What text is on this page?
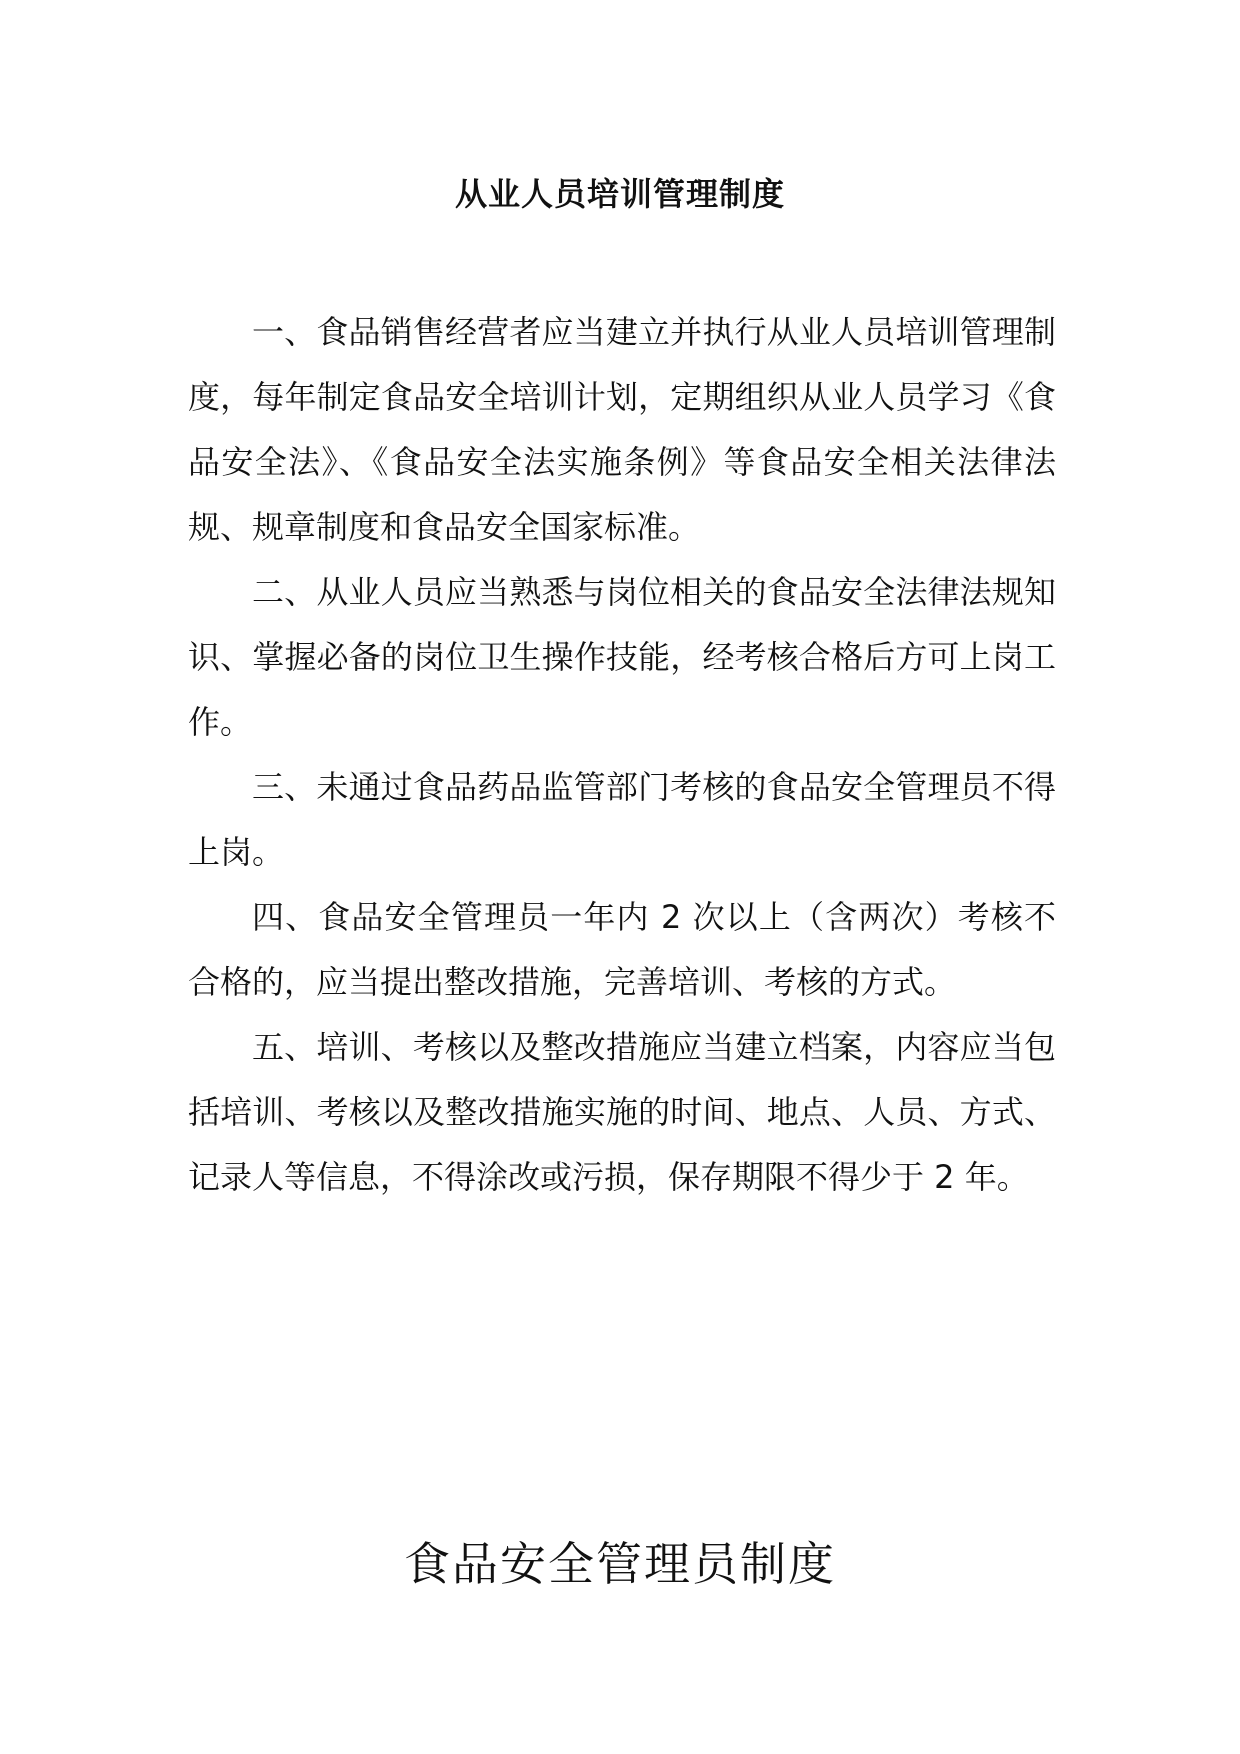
从业人员培训管理制度

一、食品销售经营者应当建立并执行从业人员培训管理制度，每年制定食品安全培训计划，定期组织从业人员学习《食品安全法》、《食品安全法实施条例》等食品安全相关法律法规、规章制度和食品安全国家标准。

二、从业人员应当熟悉与岗位相关的食品安全法律法规知识、掌握必备的岗位卫生操作技能，经考核合格后方可上岗工作。

三、未通过食品药品监管部门考核的食品安全管理员不得上岗。

四、食品安全管理员一年内 2 次以上（含两次）考核不合格的，应当提出整改措施，完善培训、考核的方式。

五、培训、考核以及整改措施应当建立档案，内容应当包括培训、考核以及整改措施实施的时间、地点、人员、方式、记录人等信息，不得涂改或污损，保存期限不得少于 2 年。

食品安全管理员制度
